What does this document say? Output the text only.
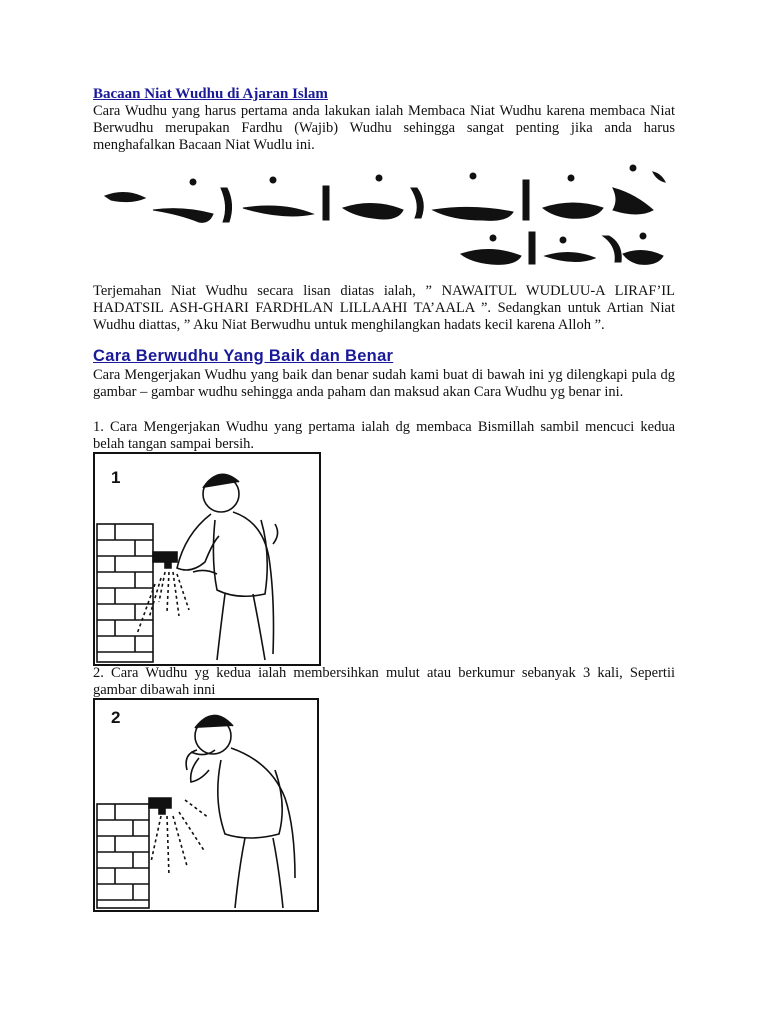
Bacaan Niat Wudhu di Ajaran Islam

Cara Wudhu yang harus pertama anda lakukan ialah Membaca Niat Wudhu karena membaca Niat Berwudhu merupakan Fardhu (Wajib) Wudhu sehingga sangat penting jika anda harus menghafalkan Bacaan Niat Wudlu ini.

Terjemahan Niat Wudhu secara lisan diatas ialah, ” NAWAITUL WUDLUU-A LIRAF’IL HADATSIL ASH-GHARI FARDHLAN LILLAAHI TA’AALA ”. Sedangkan untuk Artian Niat Wudhu diattas, ” Aku Niat Berwudhu untuk menghilangkan hadats kecil karena Alloh ”.

Cara Berwudhu Yang Baik dan Benar

Cara Mengerjakan Wudhu yang baik dan benar sudah kami buat di bawah ini yg dilengkapi pula dg gambar – gambar wudhu sehingga anda paham dan maksud akan Cara Wudhu yg benar ini.

1. Cara Mengerjakan Wudhu yang pertama ialah dg membaca Bismillah sambil mencuci kedua belah tangan sampai bersih.

1

2. Cara Wudhu yg kedua ialah membersihkan mulut atau berkumur sebanyak 3 kali, Sepertii gambar dibawah inni

2
